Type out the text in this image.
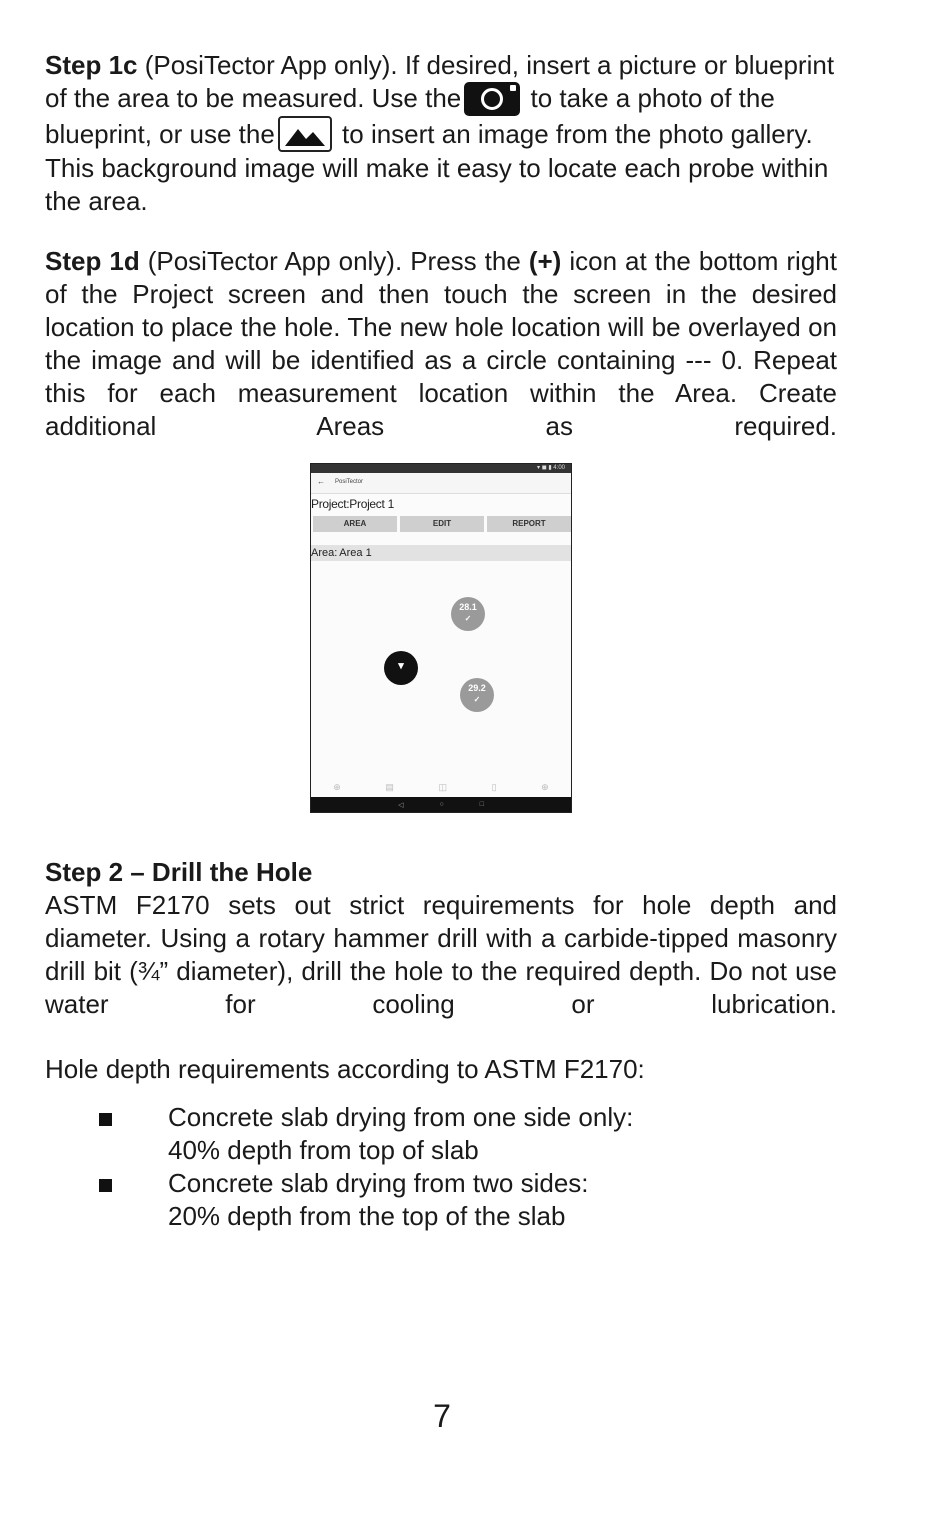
Step 1c (PosiTector App only). If desired, insert a picture or blueprint of the area to be measured. Use the
to take a photo of the blueprint, or use the
to insert an image from the photo gallery. This background image will make it easy to locate each probe within the area.

Step 1d (PosiTector App only). Press the (+) icon at the bottom right of the Project screen and then touch the screen in the desired location to place the hole. The new hole location will be overlayed on the image and will be identified as a circle containing --- 0. Repeat this for each measurement location within the Area. Create additional Areas as required.

▾ ◼ ▮ 4:00
← PosiTector
Project:Project 1
AREA	EDIT	REPORT
Area: Area 1
28.1
✓
▾
29.2
✓
⊕	▤	◫	▯	⊕
◁	○	□

Step 2 – Drill the Hole

ASTM F2170 sets out strict requirements for hole depth and diameter. Using a rotary hammer drill with a carbide-tipped masonry drill bit (¾” diameter), drill the hole to the required depth. Do not use water for cooling or lubrication.

Hole depth requirements according to ASTM F2170:

Concrete slab drying from one side only:
40% depth from top of slab
Concrete slab drying from two sides:
20% depth from the top of the slab
7
